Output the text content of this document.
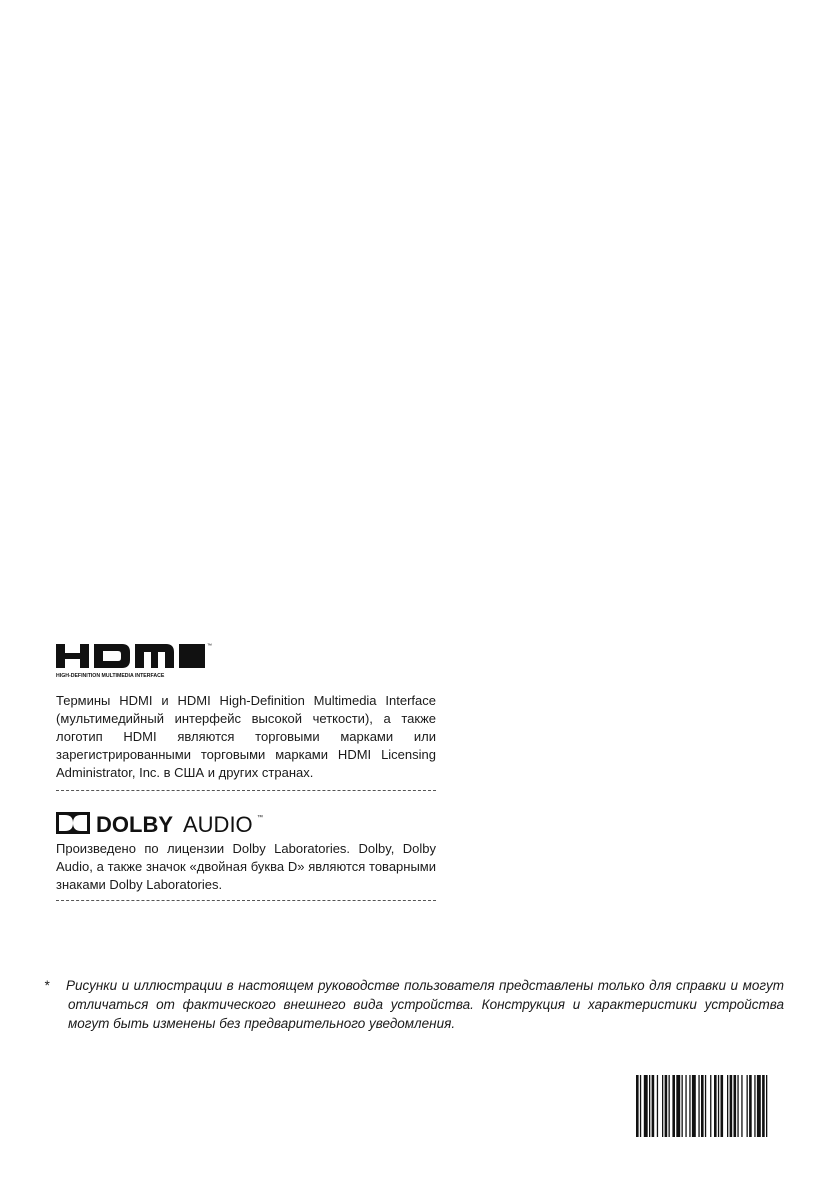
™
HIGH-DEFINITION MULTIMEDIA INTERFACE

Термины HDMI и HDMI High-Definition Multimedia Interface (мультимедийный интерфейс высокой четкости), а также логотип HDMI являются торговыми марками или зарегистрированными торговыми марками HDMI Licensing Administrator, Inc. в США и других странах.

DOLBY AUDIO ™

Произведено по лицензии Dolby Laboratories. Dolby, Dolby Audio, а также значок «двойная буква D» являются товарными знаками Dolby Laboratories.

* Рисунки и иллюстрации в настоящем руководстве пользователя представлены только для справки и могут отличаться от фактического внешнего вида устройства. Конструкция и характеристики устройства могут быть изменены без предварительного уведомления.
